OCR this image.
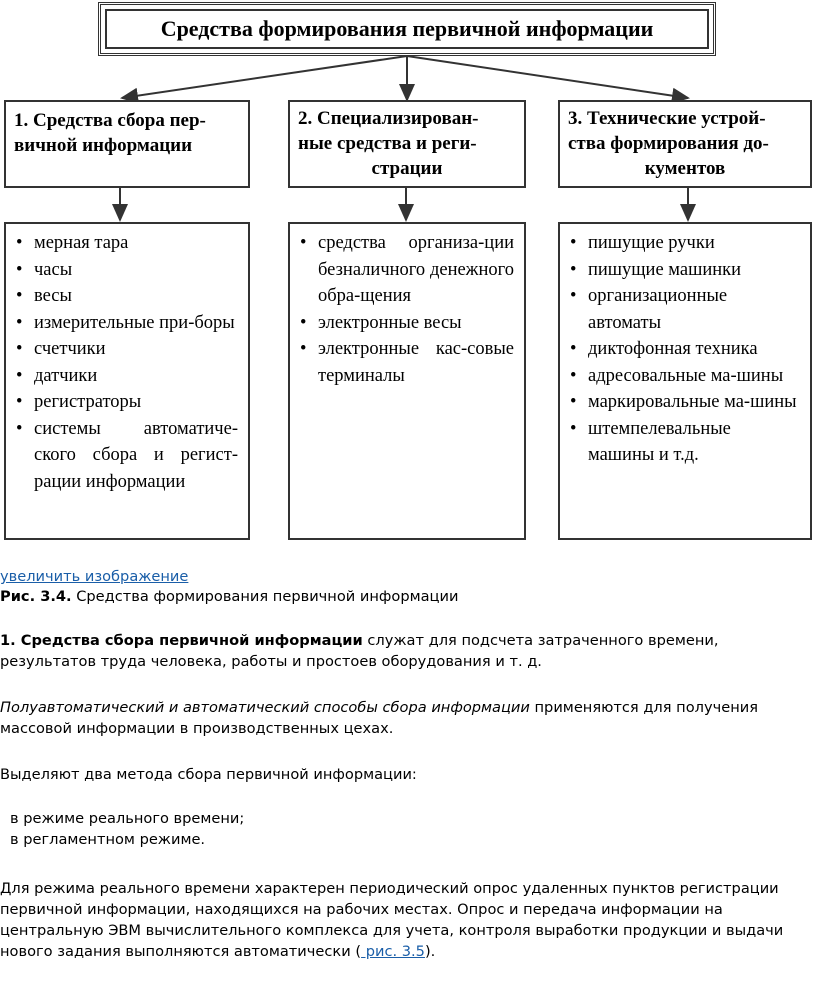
Средства формирования первичной информации
1. Средства сбора пер-
вичной информации
2. Специализирован-
ные средства и реги-
страции
3. Технические устрой-
ства формирования до-
кументов
• мерная тара
• часы
• весы
• измерительные при-боры
• счетчики
• датчики
• регистраторы
• системы автоматиче-ского сбора и регист-рации информации
• средства организа-ции безналичного денежного обра-щения
• электронные весы
• электронные кас-совые терминалы
• пишущие ручки
• пишущие машинки
• организационные автоматы
• диктофонная техника
• адресовальные ма-шины
• маркировальные ма-шины
• штемпелевальные машины и т.д.
увеличить изображение
Рис. 3.4. Средства формирования первичной информации

1. Средства сбора первичной информации служат для подсчета затраченного времени, результатов труда человека, работы и простоев оборудования и т. д.

Полуавтоматический и автоматический способы сбора информации применяются для получения массовой информации в производственных цехах.

Выделяют два метода сбора первичной информации:
в режиме реального времени;
в регламентном режиме.

Для режима реального времени характерен периодический опрос удаленных пунктов регистрации первичной информации, находящихся на рабочих местах. Опрос и передача информации на центральную ЭВМ вычислительного комплекса для учета, контроля выработки продукции и выдачи нового задания выполняются автоматически ( рис. 3.5).
